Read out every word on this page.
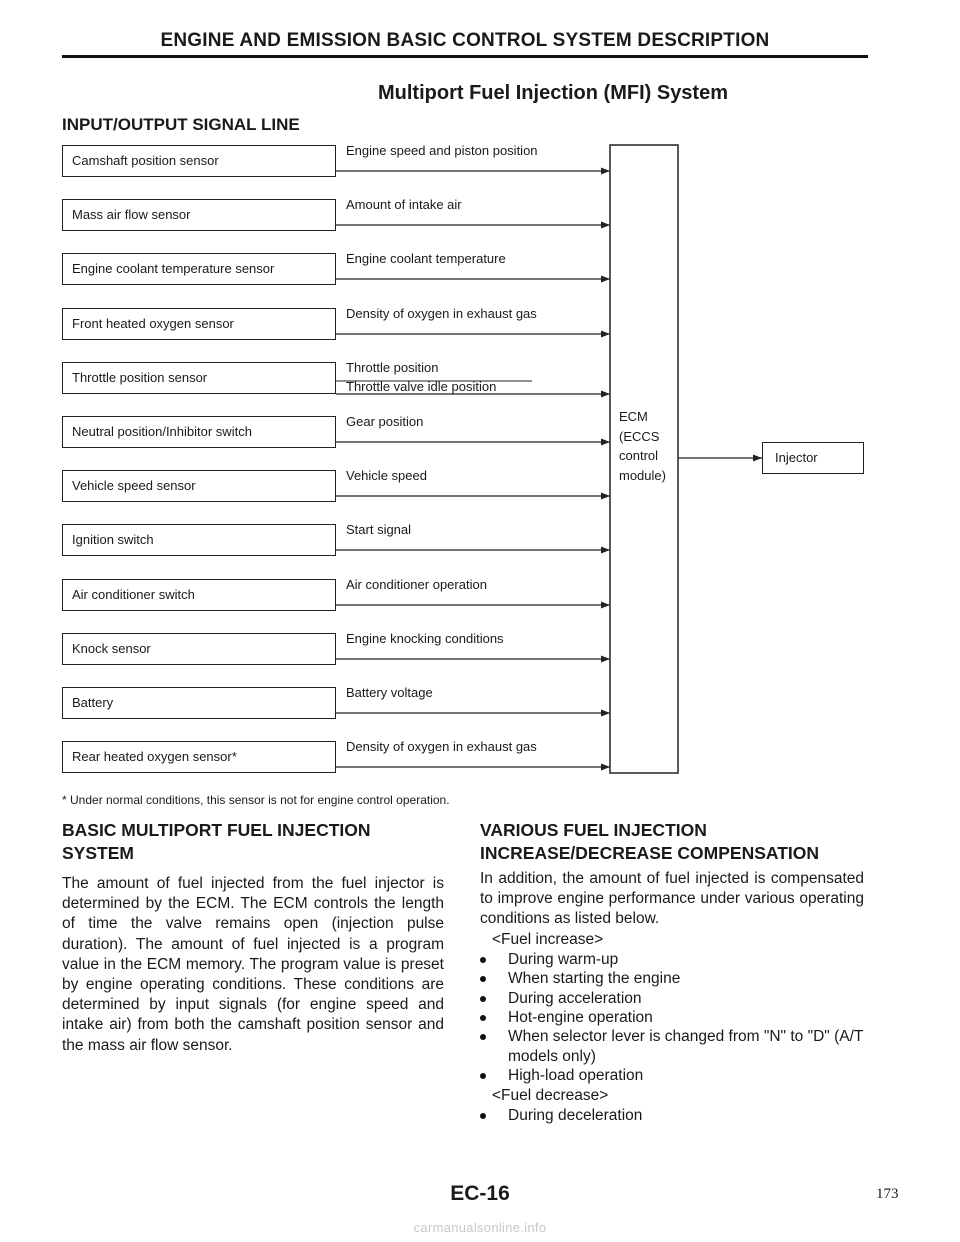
ENGINE AND EMISSION BASIC CONTROL SYSTEM DESCRIPTION
Multiport Fuel Injection (MFI) System
INPUT/OUTPUT SIGNAL LINE
Camshaft position sensor
Engine speed and piston position
Mass air flow sensor
Amount of intake air
Engine coolant temperature sensor
Engine coolant temperature
Front heated oxygen sensor
Density of oxygen in exhaust gas
Throttle position sensor
Throttle position
Throttle valve idle position
Neutral position/Inhibitor switch
Gear position
Vehicle speed sensor
Vehicle speed
Ignition switch
Start signal
Air conditioner switch
Air conditioner operation
Knock sensor
Engine knocking conditions
Battery
Battery voltage
Rear heated oxygen sensor*
Density of oxygen in exhaust gas
ECM
(ECCS
control
module)
Injector
* Under normal conditions, this sensor is not for engine control operation.
BASIC MULTIPORT FUEL INJECTION
SYSTEM
The amount of fuel injected from the fuel injector is determined by the ECM. The ECM controls the length of time the valve remains open (injection pulse duration). The amount of fuel injected is a program value in the ECM memory. The program value is preset by engine operating conditions. These conditions are determined by input signals (for engine speed and intake air) from both the camshaft position sensor and the mass air flow sensor.
VARIOUS FUEL INJECTION
INCREASE/DECREASE COMPENSATION
In addition, the amount of fuel injected is compensated to improve engine performance under various operating conditions as listed below.
<Fuel increase>
During warm-up
When starting the engine
During acceleration
Hot-engine operation
When selector lever is changed from "N" to "D" (A/T models only)
High-load operation
<Fuel decrease>
During deceleration
EC-16	173
carmanualsonline.info
